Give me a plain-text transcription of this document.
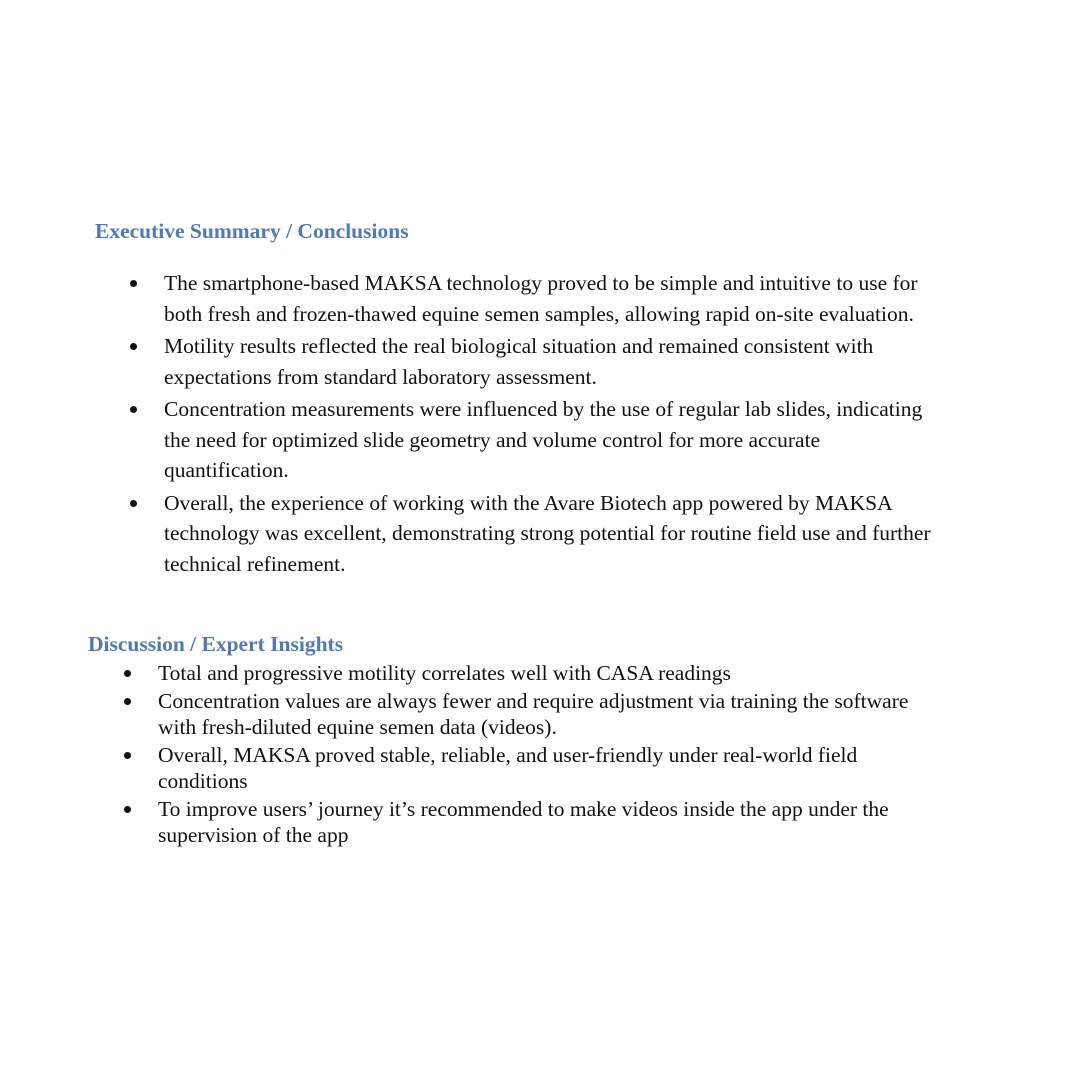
Executive Summary / Conclusions
The smartphone-based MAKSA technology proved to be simple and intuitive to use for
both fresh and frozen-thawed equine semen samples, allowing rapid on-site evaluation.
Motility results reflected the real biological situation and remained consistent with
expectations from standard laboratory assessment.
Concentration measurements were influenced by the use of regular lab slides, indicating
the need for optimized slide geometry and volume control for more accurate
quantification.
Overall, the experience of working with the Avare Biotech app powered by MAKSA
technology was excellent, demonstrating strong potential for routine field use and further
technical refinement.
Discussion / Expert Insights
Total and progressive motility correlates well with CASA readings
Concentration values are always fewer and require adjustment via training the software
with fresh-diluted equine semen data (videos).
Overall, MAKSA proved stable, reliable, and user-friendly under real-world field
conditions
To improve users’ journey it’s recommended to make videos inside the app under the
supervision of the app
